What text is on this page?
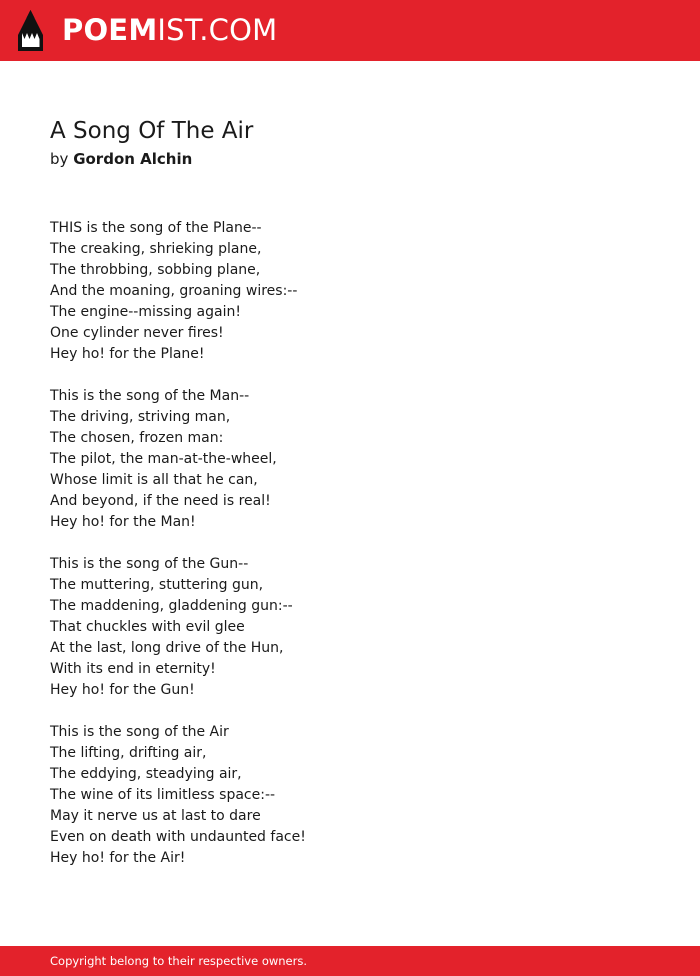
POEMIST.COM
A Song Of The Air
by Gordon Alchin
THIS is the song of the Plane--
The creaking, shrieking plane,
The throbbing, sobbing plane,
And the moaning, groaning wires:--
The engine--missing again!
One cylinder never fires!
Hey ho! for the Plane!
This is the song of the Man--
The driving, striving man,
The chosen, frozen man:
The pilot, the man-at-the-wheel,
Whose limit is all that he can,
And beyond, if the need is real!
Hey ho! for the Man!
This is the song of the Gun--
The muttering, stuttering gun,
The maddening, gladdening gun:--
That chuckles with evil glee
At the last, long drive of the Hun,
With its end in eternity!
Hey ho! for the Gun!
This is the song of the Air
The lifting, drifting air,
The eddying, steadying air,
The wine of its limitless space:--
May it nerve us at last to dare
Even on death with undaunted face!
Hey ho! for the Air!
Copyright belong to their respective owners.
